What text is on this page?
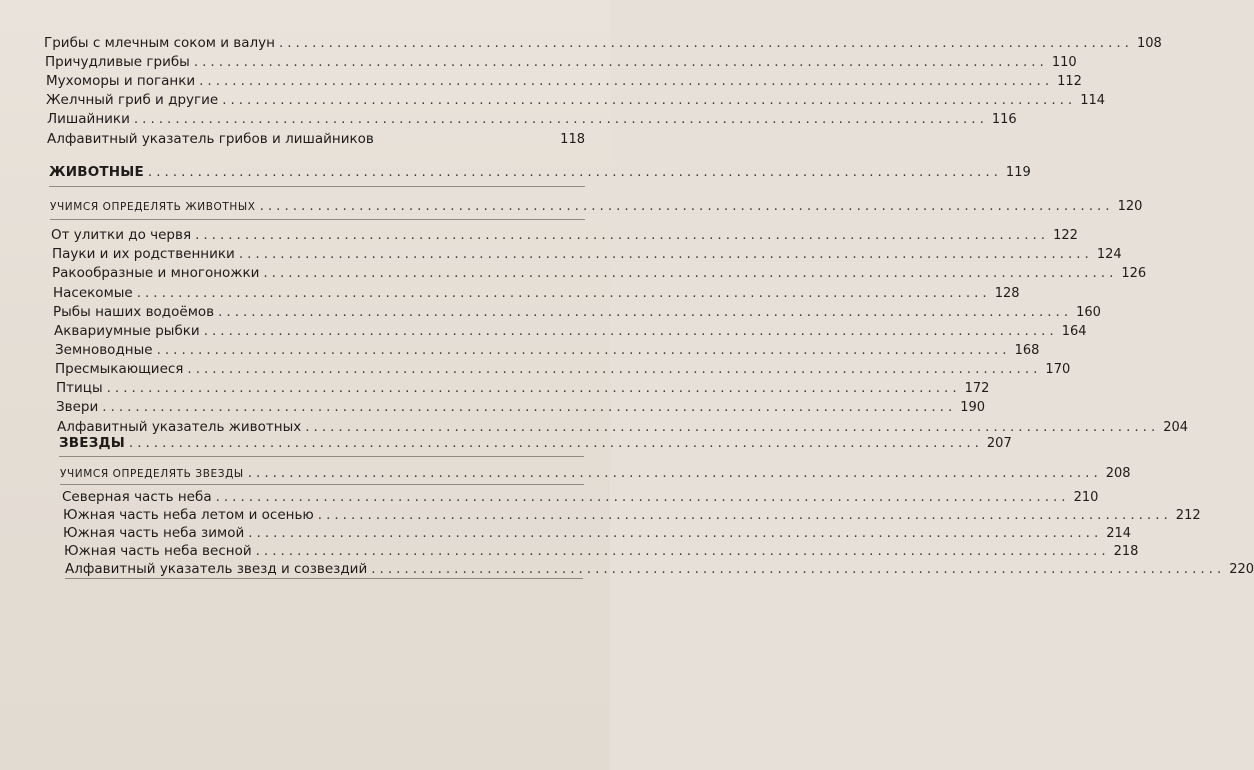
Грибы с млечным соком и валун ....................................................................................................... 108
Причудливые грибы ....................................................................................................... 110
Мухоморы и поганки ....................................................................................................... 112
Желчный гриб и другие ....................................................................................................... 114
Лишайники ....................................................................................................... 116
Алфавитный указатель грибов и лишайников	118
ЖИВОТНЫЕ ....................................................................................................... 119
УЧИМСЯ ОПРЕДЕЛЯТЬ ЖИВОТНЫХ ....................................................................................................... 120
От улитки до червя ....................................................................................................... 122
Пауки и их родственники ....................................................................................................... 124
Ракообразные и многоножки ....................................................................................................... 126
Насекомые ....................................................................................................... 128
Рыбы наших водоёмов ....................................................................................................... 160
Аквариумные рыбки ....................................................................................................... 164
Земноводные ....................................................................................................... 168
Пресмыкающиеся ....................................................................................................... 170
Птицы ....................................................................................................... 172
Звери ....................................................................................................... 190
Алфавитный указатель животных ....................................................................................................... 204
ЗВЕЗДЫ ....................................................................................................... 207
УЧИМСЯ ОПРЕДЕЛЯТЬ ЗВЕЗДЫ ....................................................................................................... 208
Северная часть неба ....................................................................................................... 210
Южная часть неба летом и осенью ....................................................................................................... 212
Южная часть неба зимой ....................................................................................................... 214
Южная часть неба весной ....................................................................................................... 218
Алфавитный указатель звезд и созвездий ....................................................................................................... 220
